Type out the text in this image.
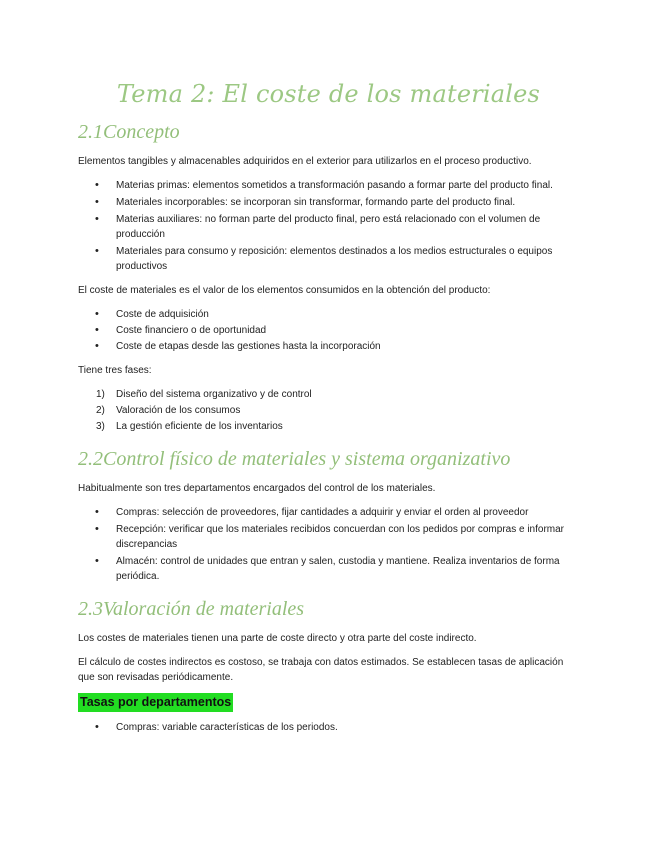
Tema 2: El coste de los materiales
2.1Concepto

Elementos tangibles y almacenables adquiridos en el exterior para utilizarlos en el proceso productivo.

• Materias primas: elementos sometidos a transformación pasando a formar parte del producto final.
• Materiales incorporables: se incorporan sin transformar, formando parte del producto final.
• Materias auxiliares: no forman parte del producto final, pero está relacionado con el volumen de producción
• Materiales para consumo y reposición: elementos destinados a los medios estructurales o equipos productivos

El coste de materiales es el valor de los elementos consumidos en la obtención del producto:

• Coste de adquisición
• Coste financiero o de oportunidad
• Coste de etapas desde las gestiones hasta la incorporación

Tiene tres fases:

1) Diseño del sistema organizativo y de control
2) Valoración de los consumos
3) La gestión eficiente de los inventarios
2.2Control físico de materiales y sistema organizativo

Habitualmente son tres departamentos encargados del control de los materiales.

• Compras: selección de proveedores, fijar cantidades a adquirir y enviar el orden al proveedor
• Recepción: verificar que los materiales recibidos concuerdan con los pedidos por compras e informar discrepancias
• Almacén: control de unidades que entran y salen, custodia y mantiene. Realiza inventarios de forma periódica.
2.3Valoración de materiales

Los costes de materiales tienen una parte de coste directo y otra parte del coste indirecto.

El cálculo de costes indirectos es costoso, se trabaja con datos estimados. Se establecen tasas de aplicación que son revisadas periódicamente.

Tasas por departamentos
• Compras: variable características de los periodos.
